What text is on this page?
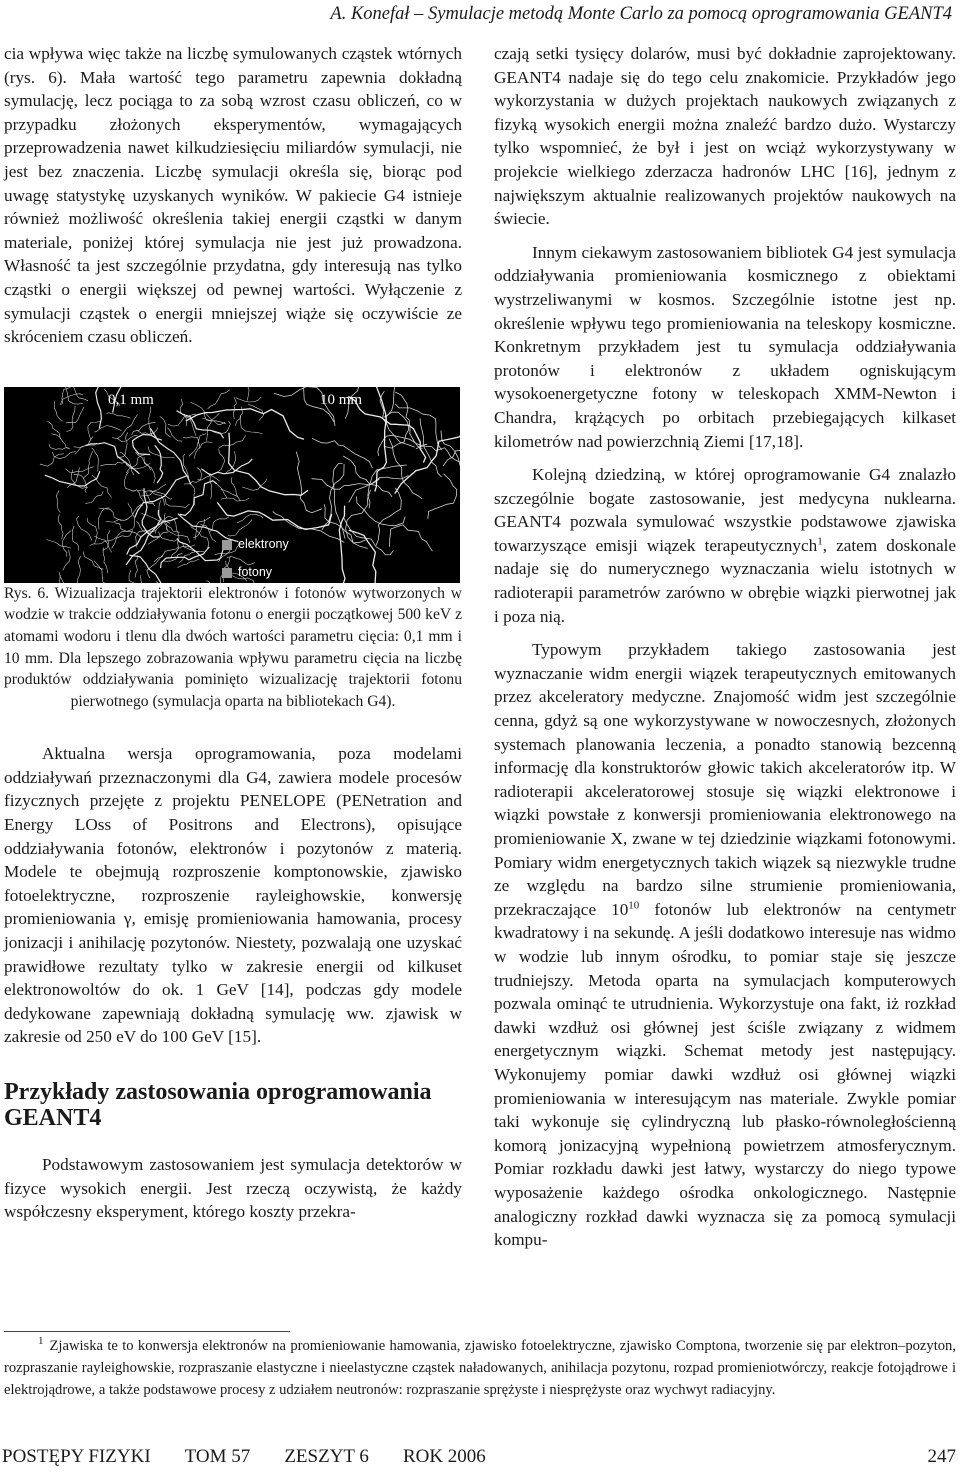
A. Konefał – Symulacje metodą Monte Carlo za pomocą oprogramowania GEANT4

cia wpływa więc także na liczbę symulowanych cząstek wtórnych (rys. 6). Mała wartość tego parametru zapewnia dokładną symulację, lecz pociąga to za sobą wzrost czasu obliczeń, co w przypadku złożonych eksperymentów, wymagających przeprowadzenia nawet kilkudziesięciu miliardów symulacji, nie jest bez znaczenia. Liczbę symulacji określa się, biorąc pod uwagę statystykę uzyskanych wyników. W pakiecie G4 istnieje również możliwość określenia takiej energii cząstki w danym materiale, poniżej której symulacja nie jest już prowadzona. Własność ta jest szczególnie przydatna, gdy interesują nas tylko cząstki o energii większej od pewnej wartości. Wyłączenie z symulacji cząstek o energii mniejszej wiąże się oczywiście ze skróceniem czasu obliczeń.

0,1 mm	10 mm
elektrony
fotony

Rys. 6. Wizualizacja trajektorii elektronów i fotonów wytworzonych w wodzie w trakcie oddziaływania fotonu o energii początkowej 500 keV z atomami wodoru i tlenu dla dwóch wartości parametru cięcia: 0,1 mm i 10 mm. Dla lepszego zobrazowania wpływu parametru cięcia na liczbę produktów oddziaływania pominięto wizualizację trajektorii fotonu pierwotnego (symulacja oparta na bibliotekach G4).

Aktualna wersja oprogramowania, poza modelami oddziaływań przeznaczonymi dla G4, zawiera modele procesów fizycznych przejęte z projektu PENELOPE (PENetration and Energy LOss of Positrons and Electrons), opisujące oddziaływania fotonów, elektronów i pozytonów z materią. Modele te obejmują rozproszenie komptonowskie, zjawisko fotoelektryczne, rozproszenie rayleighowskie, konwersję promieniowania γ, emisję promieniowania hamowania, procesy jonizacji i anihilację pozytonów. Niestety, pozwalają one uzyskać prawidłowe rezultaty tylko w zakresie energii od kilkuset elektronowoltów do ok. 1 GeV [14], podczas gdy modele dedykowane zapewniają dokładną symulację ww. zjawisk w zakresie od 250 eV do 100 GeV [15].

Przykłady zastosowania oprogramowania GEANT4

Podstawowym zastosowaniem jest symulacja detektorów w fizyce wysokich energii. Jest rzeczą oczywistą, że każdy współczesny eksperyment, którego koszty przekra-

czają setki tysięcy dolarów, musi być dokładnie zaprojektowany. GEANT4 nadaje się do tego celu znakomicie. Przykładów jego wykorzystania w dużych projektach naukowych związanych z fizyką wysokich energii można znaleźć bardzo dużo. Wystarczy tylko wspomnieć, że był i jest on wciąż wykorzystywany w projekcie wielkiego zderzacza hadronów LHC [16], jednym z największym aktualnie realizowanych projektów naukowych na świecie.

Innym ciekawym zastosowaniem bibliotek G4 jest symulacja oddziaływania promieniowania kosmicznego z obiektami wystrzeliwanymi w kosmos. Szczególnie istotne jest np. określenie wpływu tego promieniowania na teleskopy kosmiczne. Konkretnym przykładem jest tu symulacja oddziaływania protonów i elektronów z układem ogniskującym wysokoenergetyczne fotony w teleskopach XMM-Newton i Chandra, krążących po orbitach przebiegających kilkaset kilometrów nad powierzchnią Ziemi [17,18].

Kolejną dziedziną, w której oprogramowanie G4 znalazło szczególnie bogate zastosowanie, jest medycyna nuklearna. GEANT4 pozwala symulować wszystkie podstawowe zjawiska towarzyszące emisji wiązek terapeutycznych$^1$, zatem doskonale nadaje się do numerycznego wyznaczania wielu istotnych w radioterapii parametrów zarówno w obrębie wiązki pierwotnej jak i poza nią.

Typowym przykładem takiego zastosowania jest wyznaczanie widm energii wiązek terapeutycznych emitowanych przez akceleratory medyczne. Znajomość widm jest szczególnie cenna, gdyż są one wykorzystywane w nowoczesnych, złożonych systemach planowania leczenia, a ponadto stanowią bezcenną informację dla konstruktorów głowic takich akceleratorów itp. W radioterapii akceleratorowej stosuje się wiązki elektronowe i wiązki powstałe z konwersji promieniowania elektronowego na promieniowanie X, zwane w tej dziedzinie wiązkami fotonowymi. Pomiary widm energetycznych takich wiązek są niezwykle trudne ze względu na bardzo silne strumienie promieniowania, przekraczające $10^{10}$ fotonów lub elektronów na centymetr kwadratowy i na sekundę. A jeśli dodatkowo interesuje nas widmo w wodzie lub innym ośrodku, to pomiar staje się jeszcze trudniejszy. Metoda oparta na symulacjach komputerowych pozwala ominąć te utrudnienia. Wykorzystuje ona fakt, iż rozkład dawki wzdłuż osi głównej jest ściśle związany z widmem energetycznym wiązki. Schemat metody jest następujący. Wykonujemy pomiar dawki wzdłuż osi głównej wiązki promieniowania w interesującym nas materiale. Zwykle pomiar taki wykonuje się cylindryczną lub płasko-równoległościenną komorą jonizacyjną wypełnioną powietrzem atmosferycznym. Pomiar rozkładu dawki jest łatwy, wystarczy do niego typowe wyposażenie każdego ośrodka onkologicznego. Następnie analogiczny rozkład dawki wyznacza się za pomocą symulacji kompu-

$^1$ Zjawiska te to konwersja elektronów na promieniowanie hamowania, zjawisko fotoelektryczne, zjawisko Comptona, tworzenie się par elektron–pozyton, rozpraszanie rayleighowskie, rozpraszanie elastyczne i nieelastyczne cząstek naładowanych, anihilacja pozytonu, rozpad promieniotwórczy, reakcje fotojądrowe i elektrojądrowe, a także podstawowe procesy z udziałem neutronów: rozpraszanie sprężyste i niesprężyste oraz wychwyt radiacyjny.
POSTĘPY FIZYKI TOM 57 ZESZYT 6 ROK 2006	247
